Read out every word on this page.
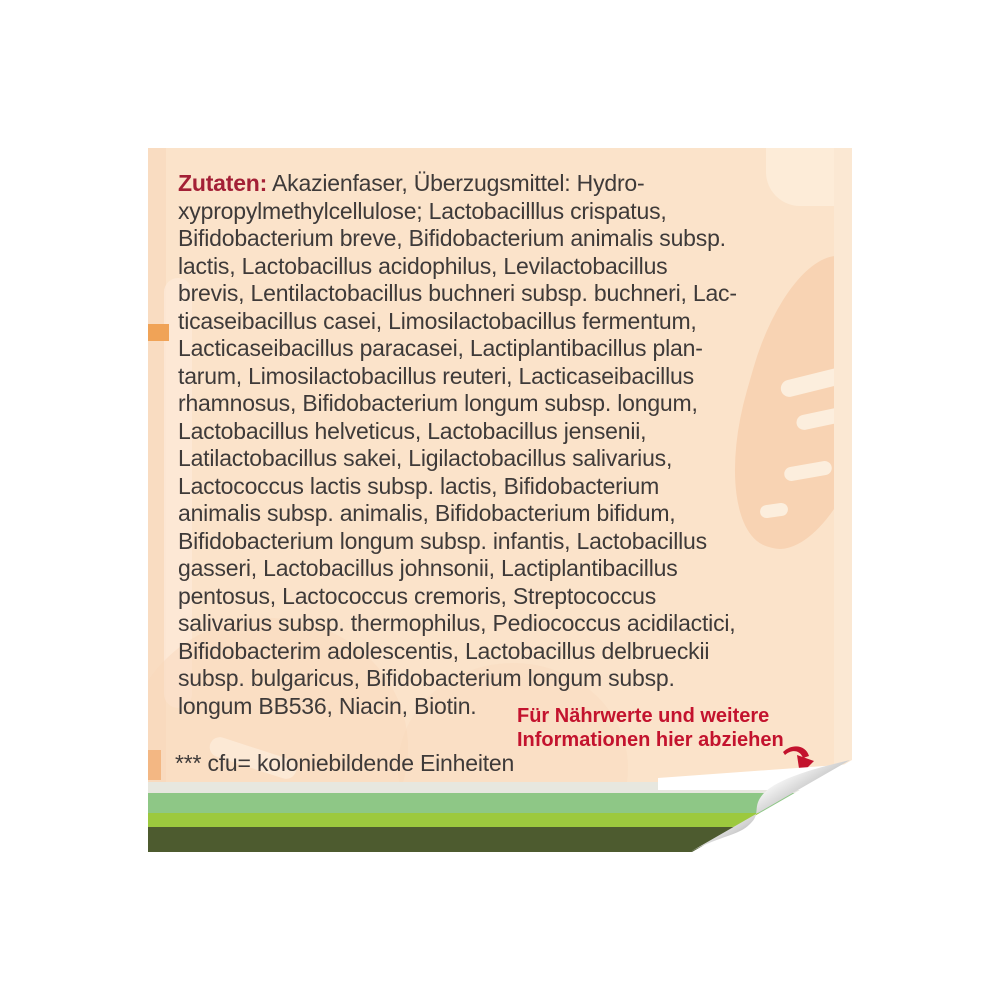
Zutaten: Akazienfaser, Überzugsmittel: Hydro-
xypropylmethylcellulose; Lactobacilllus crispatus,
Bifidobacterium breve, Bifidobacterium animalis subsp.
lactis, Lactobacillus acidophilus, Levilactobacillus
brevis, Lentilactobacillus buchneri subsp. buchneri, Lac-
ticaseibacillus casei, Limosilactobacillus fermentum,
Lacticaseibacillus paracasei, Lactiplantibacillus plan-
tarum, Limosilactobacillus reuteri, Lacticaseibacillus
rhamnosus, Bifidobacterium longum subsp. longum,
Lactobacillus helveticus, Lactobacillus jensenii,
Latilactobacillus sakei, Ligilactobacillus salivarius,
Lactococcus lactis subsp. lactis, Bifidobacterium
animalis subsp. animalis, Bifidobacterium bifidum,
Bifidobacterium longum subsp. infantis, Lactobacillus
gasseri, Lactobacillus johnsonii, Lactiplantibacillus
pentosus, Lactococcus cremoris, Streptococcus
salivarius subsp. thermophilus, Pediococcus acidilactici,
Bifidobacterim adolescentis, Lactobacillus delbrueckii
subsp. bulgaricus, Bifidobacterium longum subsp.
longum BB536, Niacin, Biotin.	Für Nährwerte und weitere
Informationen hier abziehen
*** cfu= koloniebildende Einheiten
